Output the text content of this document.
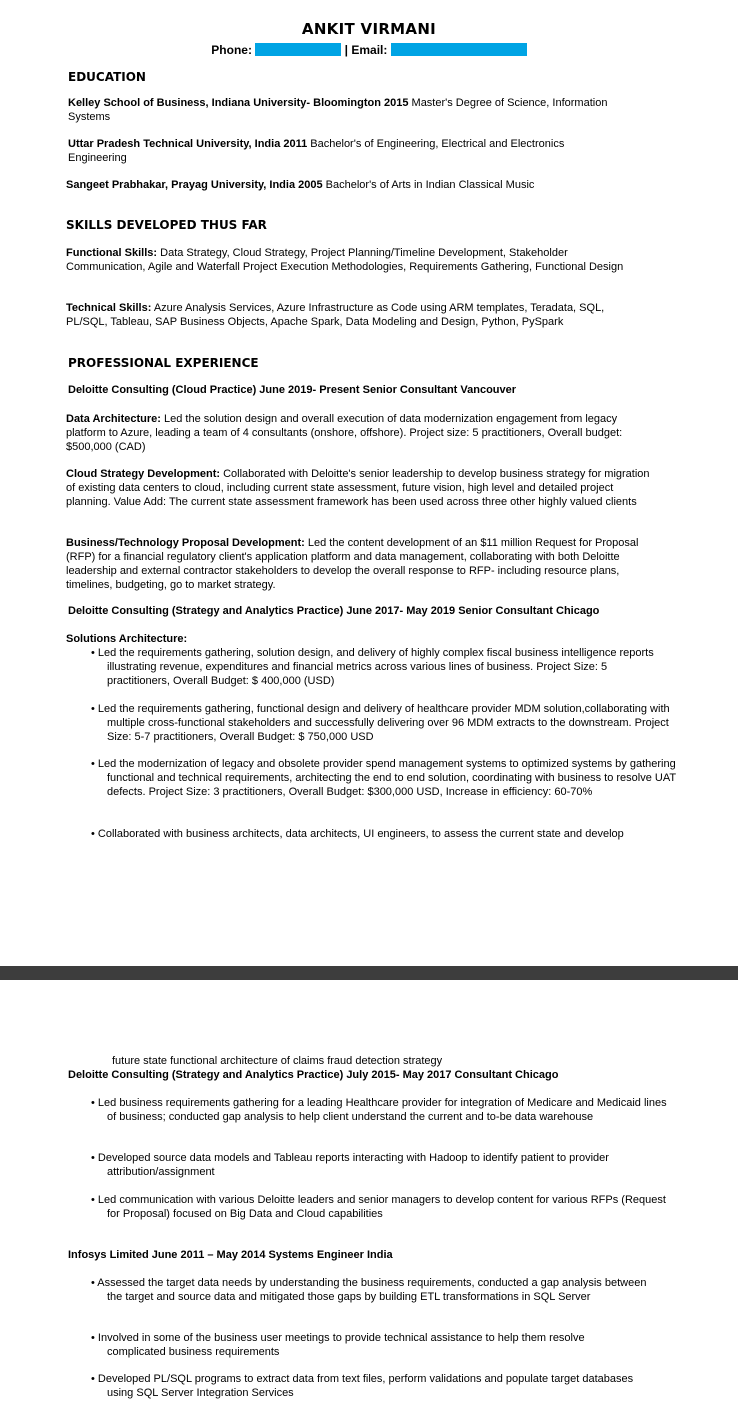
ANKIT VIRMANI
Phone:	| Email:
EDUCATION
Kelley School of Business, Indiana University- Bloomington 2015 Master's Degree of Science, Information Systems
Uttar Pradesh Technical University, India 2011 Bachelor's of Engineering, Electrical and Electronics Engineering
Sangeet Prabhakar, Prayag University, India 2005 Bachelor's of Arts in Indian Classical Music
SKILLS DEVELOPED THUS FAR
Functional Skills: Data Strategy, Cloud Strategy, Project Planning/Timeline Development, Stakeholder Communication, Agile and Waterfall Project Execution Methodologies, Requirements Gathering, Functional Design
Technical Skills: Azure Analysis Services, Azure Infrastructure as Code using ARM templates, Teradata, SQL, PL/SQL, Tableau, SAP Business Objects, Apache Spark, Data Modeling and Design, Python, PySpark
PROFESSIONAL EXPERIENCE
Deloitte Consulting (Cloud Practice) June 2019- Present Senior Consultant Vancouver
Data Architecture: Led the solution design and overall execution of data modernization engagement from legacy platform to Azure, leading a team of 4 consultants (onshore, offshore). Project size: 5 practitioners, Overall budget: $500,000 (CAD)
Cloud Strategy Development: Collaborated with Deloitte's senior leadership to develop business strategy for migration of existing data centers to cloud, including current state assessment, future vision, high level and detailed project planning. Value Add: The current state assessment framework has been used across three other highly valued clients
Business/Technology Proposal Development: Led the content development of an $11 million Request for Proposal (RFP) for a financial regulatory client's application platform and data management, collaborating with both Deloitte leadership and external contractor stakeholders to develop the overall response to RFP- including resource plans, timelines, budgeting, go to market strategy.
Deloitte Consulting (Strategy and Analytics Practice) June 2017- May 2019 Senior Consultant Chicago
Solutions Architecture:
• Led the requirements gathering, solution design, and delivery of highly complex fiscal business intelligence reports illustrating revenue, expenditures and financial metrics across various lines of business. Project Size: 5 practitioners, Overall Budget: $ 400,000 (USD)
• Led the requirements gathering, functional design and delivery of healthcare provider MDM solution,collaborating with multiple cross-functional stakeholders and successfully delivering over 96 MDM extracts to the downstream. Project Size: 5-7 practitioners, Overall Budget: $ 750,000 USD
• Led the modernization of legacy and obsolete provider spend management systems to optimized systems by gathering functional and technical requirements, architecting the end to end solution, coordinating with business to resolve UAT defects. Project Size: 3 practitioners, Overall Budget: $300,000 USD, Increase in efficiency: 60-70%
• Collaborated with business architects, data architects, UI engineers, to assess the current state and develop
future state functional architecture of claims fraud detection strategy
Deloitte Consulting (Strategy and Analytics Practice) July 2015- May 2017 Consultant Chicago
• Led business requirements gathering for a leading Healthcare provider for integration of Medicare and Medicaid lines of business; conducted gap analysis to help client understand the current and to-be data warehouse
• Developed source data models and Tableau reports interacting with Hadoop to identify patient to provider attribution/assignment
• Led communication with various Deloitte leaders and senior managers to develop content for various RFPs (Request for Proposal) focused on Big Data and Cloud capabilities
Infosys Limited June 2011 – May 2014 Systems Engineer India
• Assessed the target data needs by understanding the business requirements, conducted a gap analysis between the target and source data and mitigated those gaps by building ETL transformations in SQL Server
• Involved in some of the business user meetings to provide technical assistance to help them resolve complicated business requirements
• Developed PL/SQL programs to extract data from text files, perform validations and populate target databases using SQL Server Integration Services
